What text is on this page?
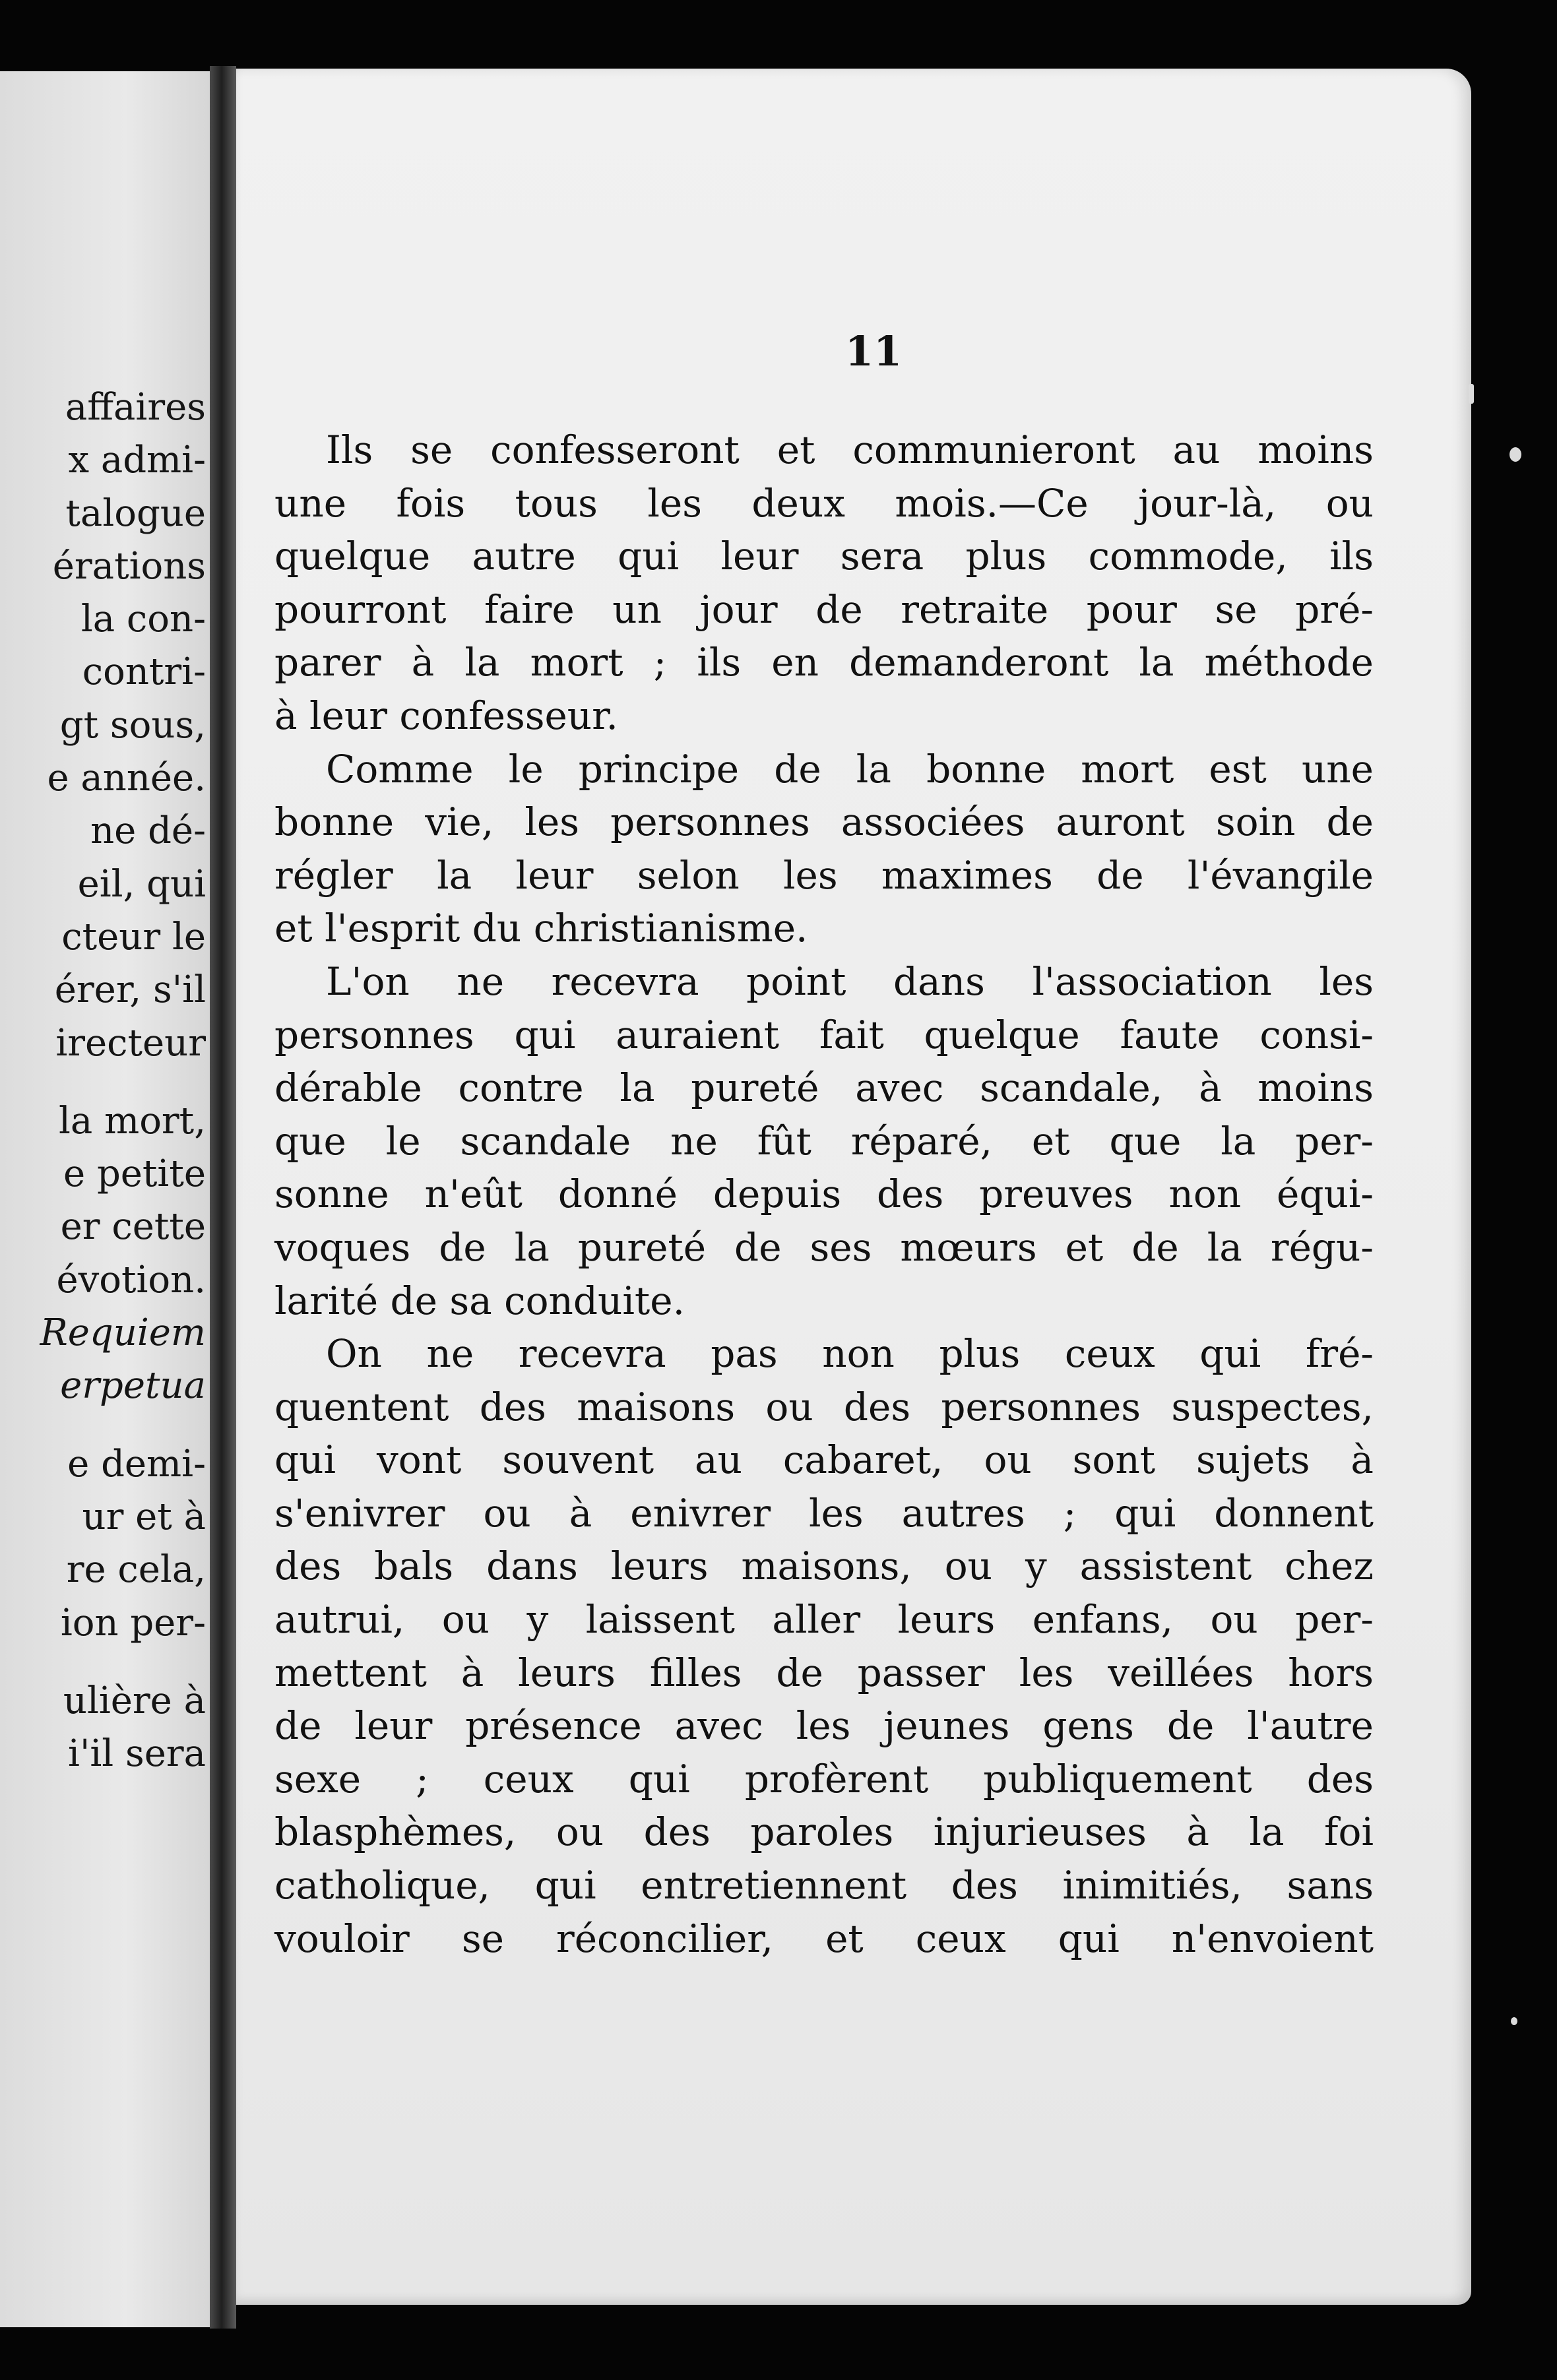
affaires
x admi-
talogue
érations
la con-
contri-
gt sous,
e année.
ne dé-
eil, qui
cteur le
érer, s'il
irecteur
la mort,
e petite
er cette
évotion.
Requiem
erpetua
e demi-
ur et à
re cela,
ion per-
ulière à
i'il sera
11

Ils se confesseront et communieront au moins
une fois tous les deux mois.—Ce jour-là, ou
quelque autre qui leur sera plus commode, ils
pourront faire un jour de retraite pour se pré-
parer à la mort ; ils en demanderont la méthode
à leur confesseur.

Comme le principe de la bonne mort est une
bonne vie, les personnes associées auront soin de
régler la leur selon les maximes de l'évangile
et l'esprit du christianisme.

L'on ne recevra point dans l'association les
personnes qui auraient fait quelque faute consi-
dérable contre la pureté avec scandale, à moins
que le scandale ne fût réparé, et que la per-
sonne n'eût donné depuis des preuves non équi-
voques de la pureté de ses mœurs et de la régu-
larité de sa conduite.

On ne recevra pas non plus ceux qui fré-
quentent des maisons ou des personnes suspectes,
qui vont souvent au cabaret, ou sont sujets à
s'enivrer ou à enivrer les autres ; qui donnent
des bals dans leurs maisons, ou y assistent chez
autrui, ou y laissent aller leurs enfans, ou per-
mettent à leurs filles de passer les veillées hors
de leur présence avec les jeunes gens de l'autre
sexe ; ceux qui profèrent publiquement des
blasphèmes, ou des paroles injurieuses à la foi
catholique, qui entretiennent des inimitiés, sans
vouloir se réconcilier, et ceux qui n'envoient
